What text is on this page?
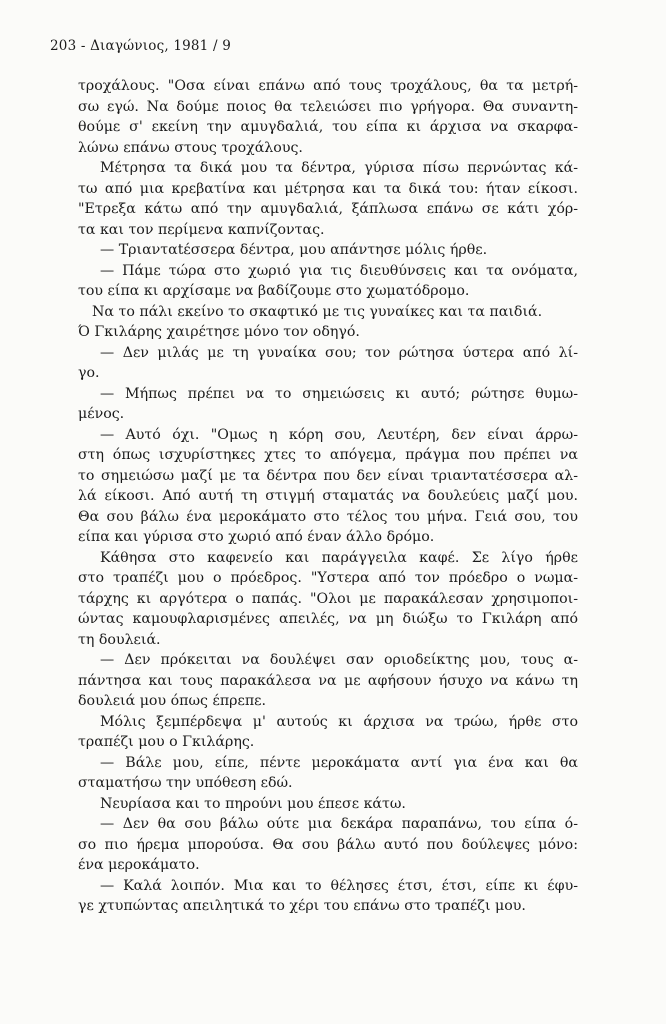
203 - Διαγώνιος, 1981 / 9
τροχάλους. "Οσα είναι επάνω από τους τροχάλους, θα τα μετρή-
σω εγώ. Να δούμε ποιος θα τελειώσει πιο γρήγορα. Θα συναντη-
θούμε σ' εκείνη την αμυγδαλιά, του είπα κι άρχισα να σκαρφα-
λώνω επάνω στους τροχάλους.
Μέτρησα τα δικά μου τα δέντρα, γύρισα πίσω περνώντας κά-
τω από μια κρεβατίνα και μέτρησα και τα δικά του: ήταν είκοσι.
"Ετρεξα κάτω από την αμυγδαλιά, ξάπλωσα επάνω σε κάτι χόρ-
τα και τον περίμενα καπνίζοντας.
— Τριανταtέσσερα δέντρα, μου απάντησε μόλις ήρθε.
— Πάμε τώρα στο χωριό για τις διευθύνσεις και τα ονόματα,
του είπα κι αρχίσαμε να βαδίζουμε στο χωματόδρομο.
Να το πάλι εκείνο το σκαφτικό με τις γυναίκες και τα παιδιά.
Ό Γκιλάρης χαιρέτησε μόνο τον οδηγό.
— Δεν μιλάς με τη γυναίκα σου; τον ρώτησα ύστερα από λί-
γο.
— Μήπως πρέπει να το σημειώσεις κι αυτό; ρώτησε θυμω-
μένος.
— Αυτό όχι. "Ομως η κόρη σου, Λευτέρη, δεν είναι άρρω-
στη όπως ισχυρίστηκες χτες το απόγεμα, πράγμα που πρέπει να
το σημειώσω μαζί με τα δέντρα που δεν είναι τριαντατέσσερα αλ-
λά είκοσι. Από αυτή τη στιγμή σταματάς να δουλεύεις μαζί μου.
Θα σου βάλω ένα μεροκάματο στο τέλος του μήνα. Γειά σου, του
είπα και γύρισα στο χωριό από έναν άλλο δρόμο.
Κάθησα στο καφενείο και παράγγειλα καφέ. Σε λίγο ήρθε
στο τραπέζι μου ο πρόεδρος. "Υστερα από τον πρόεδρο ο νωμα-
τάρχης κι αργότερα ο παπάς. "Ολοι με παρακάλεσαν χρησιμοποι-
ώντας καμουφλαρισμένες απειλές, να μη διώξω το Γκιλάρη από
τη δουλειά.
— Δεν πρόκειται να δουλέψει σαν οριοδείκτης μου, τους α-
πάντησα και τους παρακάλεσα να με αφήσουν ήσυχο να κάνω τη
δουλειά μου όπως έπρεπε.
Μόλις ξεμπέρδεψα μ' αυτούς κι άρχισα να τρώω, ήρθε στο
τραπέζι μου ο Γκιλάρης.
— Βάλε μου, είπε, πέντε μεροκάματα αντί για ένα και θα
σταματήσω την υπόθεση εδώ.
Νευρίασα και το πηρούνι μου έπεσε κάτω.
— Δεν θα σου βάλω ούτε μια δεκάρα παραπάνω, του είπα ό-
σο πιο ήρεμα μπορούσα. Θα σου βάλω αυτό που δούλεψες μόνο:
ένα μεροκάματο.
— Καλά λοιπόν. Μια και το θέλησες έτσι, έτσι, είπε κι έφυ-
γε χτυπώντας απειλητικά το χέρι του επάνω στο τραπέζι μου.
